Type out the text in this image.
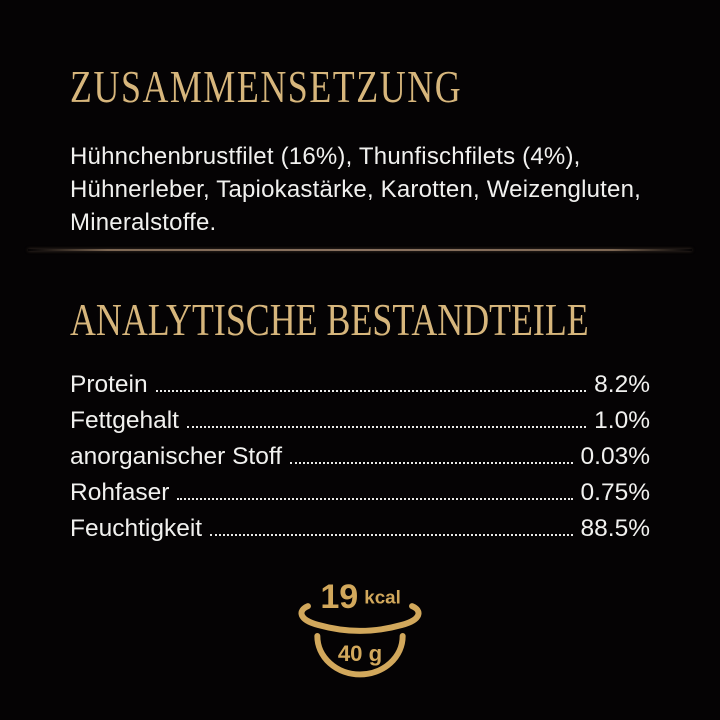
ZUSAMMENSETZUNG
Hühnchenbrustfilet (16%), Thunfischfilets (4%),
Hühnerleber, Tapiokastärke, Karotten, Weizengluten,
Mineralstoffe.
ANALYTISCHE BESTANDTEILE
Protein	8.2%
Fettgehalt	1.0%
anorganischer Stoff	0.03%
Rohfaser	0.75%
Feuchtigkeit	88.5%
19 kcal
40 g
